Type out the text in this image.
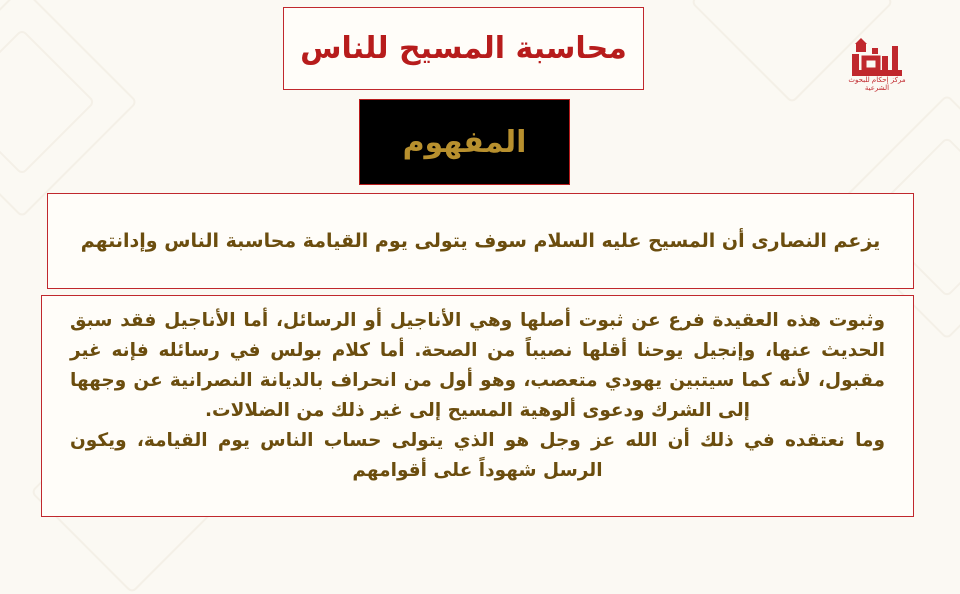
مركز إحكام للبحوث الشرعية
محاسبة المسيح للناس
المفهوم
يزعم النصارى أن المسيح عليه السلام سوف يتولى يوم القيامة محاسبة الناس وإدانتهم

وثبوت هذه العقيدة فرع عن ثبوت أصلها وهي الأناجيل أو الرسائل، أما الأناجيل فقد سبق الحديث عنها، وإنجيل يوحنا أقلها نصيباً من الصحة. أما كلام بولس في رسائله فإنه غير مقبول، لأنه كما سيتبين يهودي متعصب، وهو أول من انحراف بالديانة النصرانية عن وجهها إلى الشرك ودعوى ألوهية المسيح إلى غير ذلك من الضلالات.

وما نعتقده في ذلك أن الله عز وجل هو الذي يتولى حساب الناس يوم القيامة، ويكون الرسل شهوداً على أقوامهم
